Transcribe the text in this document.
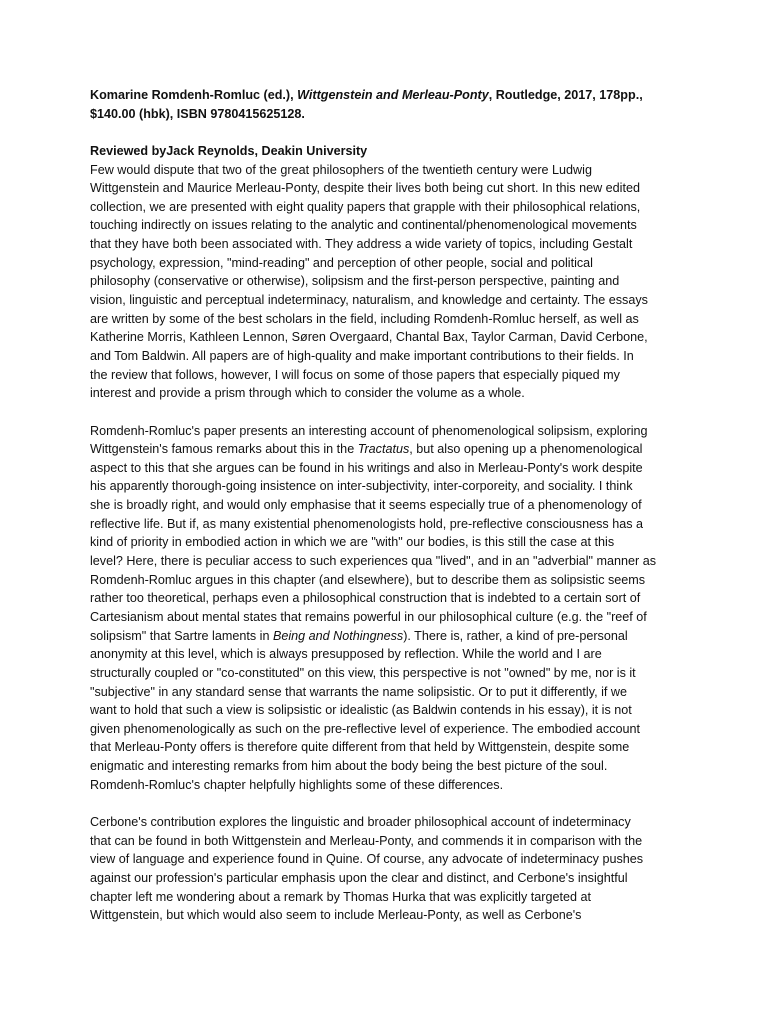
Komarine Romdenh-Romluc (ed.), Wittgenstein and Merleau-Ponty, Routledge, 2017, 178pp.,
$140.00 (hbk), ISBN 9780415625128.
Reviewed byJack Reynolds, Deakin University
Few would dispute that two of the great philosophers of the twentieth century were Ludwig
Wittgenstein and Maurice Merleau-Ponty, despite their lives both being cut short. In this new edited
collection, we are presented with eight quality papers that grapple with their philosophical relations,
touching indirectly on issues relating to the analytic and continental/phenomenological movements
that they have both been associated with. They address a wide variety of topics, including Gestalt
psychology, expression, "mind-reading" and perception of other people, social and political
philosophy (conservative or otherwise), solipsism and the first-person perspective, painting and
vision, linguistic and perceptual indeterminacy, naturalism, and knowledge and certainty. The essays
are written by some of the best scholars in the field, including Romdenh-Romluc herself, as well as
Katherine Morris, Kathleen Lennon, Søren Overgaard, Chantal Bax, Taylor Carman, David Cerbone,
and Tom Baldwin. All papers are of high-quality and make important contributions to their fields. In
the review that follows, however, I will focus on some of those papers that especially piqued my
interest and provide a prism through which to consider the volume as a whole.
Romdenh-Romluc's paper presents an interesting account of phenomenological solipsism, exploring
Wittgenstein's famous remarks about this in the Tractatus, but also opening up a phenomenological
aspect to this that she argues can be found in his writings and also in Merleau-Ponty's work despite
his apparently thorough-going insistence on inter-subjectivity, inter-corporeity, and sociality. I think
she is broadly right, and would only emphasise that it seems especially true of a phenomenology of
reflective life. But if, as many existential phenomenologists hold, pre-reflective consciousness has a
kind of priority in embodied action in which we are "with" our bodies, is this still the case at this
level? Here, there is peculiar access to such experiences qua "lived", and in an "adverbial" manner as
Romdenh-Romluc argues in this chapter (and elsewhere), but to describe them as solipsistic seems
rather too theoretical, perhaps even a philosophical construction that is indebted to a certain sort of
Cartesianism about mental states that remains powerful in our philosophical culture (e.g. the "reef of
solipsism" that Sartre laments in Being and Nothingness). There is, rather, a kind of pre-personal
anonymity at this level, which is always presupposed by reflection. While the world and I are
structurally coupled or "co-constituted" on this view, this perspective is not "owned" by me, nor is it
"subjective" in any standard sense that warrants the name solipsistic. Or to put it differently, if we
want to hold that such a view is solipsistic or idealistic (as Baldwin contends in his essay), it is not
given phenomenologically as such on the pre-reflective level of experience. The embodied account
that Merleau-Ponty offers is therefore quite different from that held by Wittgenstein, despite some
enigmatic and interesting remarks from him about the body being the best picture of the soul.
Romdenh-Romluc's chapter helpfully highlights some of these differences.
Cerbone's contribution explores the linguistic and broader philosophical account of indeterminacy
that can be found in both Wittgenstein and Merleau-Ponty, and commends it in comparison with the
view of language and experience found in Quine. Of course, any advocate of indeterminacy pushes
against our profession's particular emphasis upon the clear and distinct, and Cerbone's insightful
chapter left me wondering about a remark by Thomas Hurka that was explicitly targeted at
Wittgenstein, but which would also seem to include Merleau-Ponty, as well as Cerbone's
